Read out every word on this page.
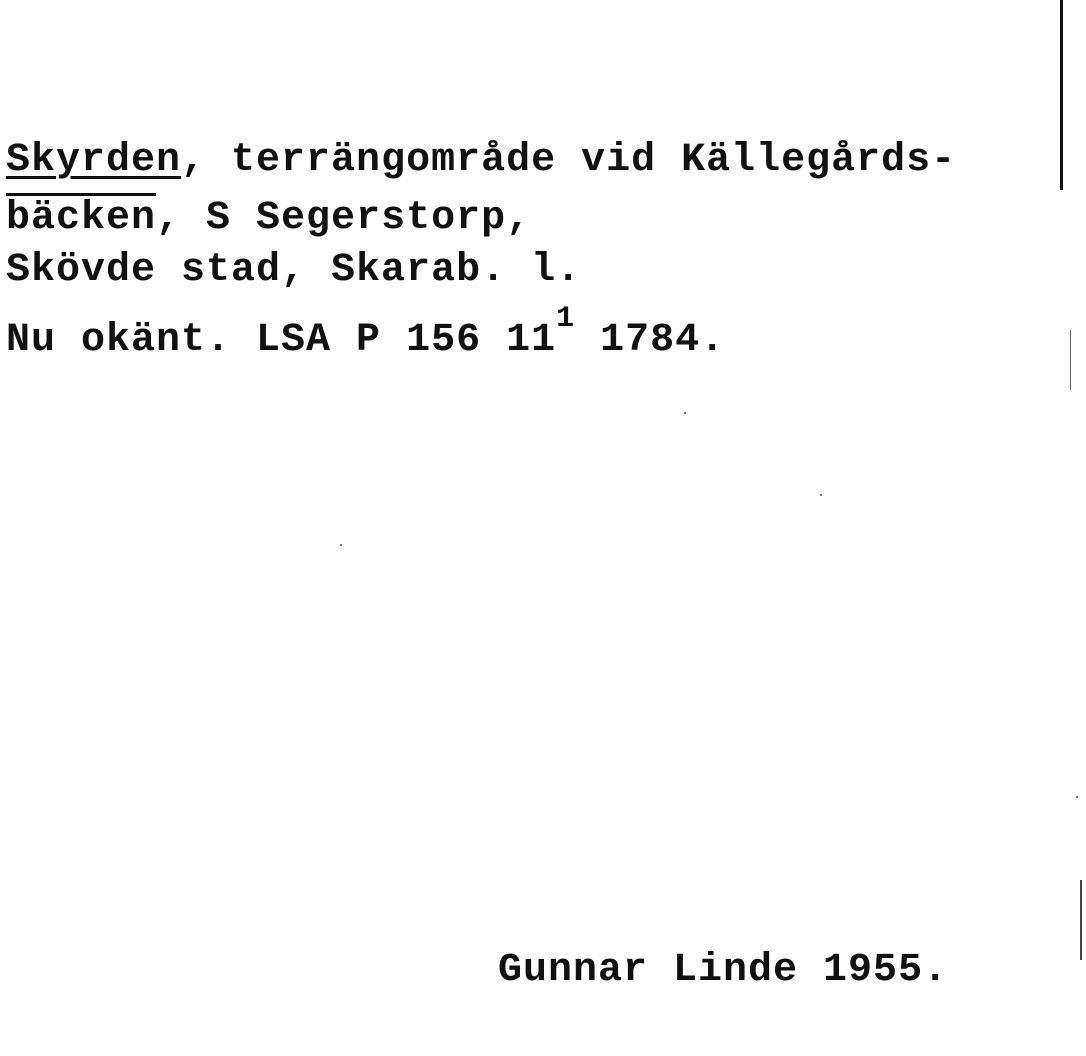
Skyrden, terrängområde vid Källegårds-
bäcken, S Segerstorp,
Skövde stad, Skarab. l.
Nu okänt. LSA P 156 $11^1$ 1784.
Gunnar Linde 1955.
